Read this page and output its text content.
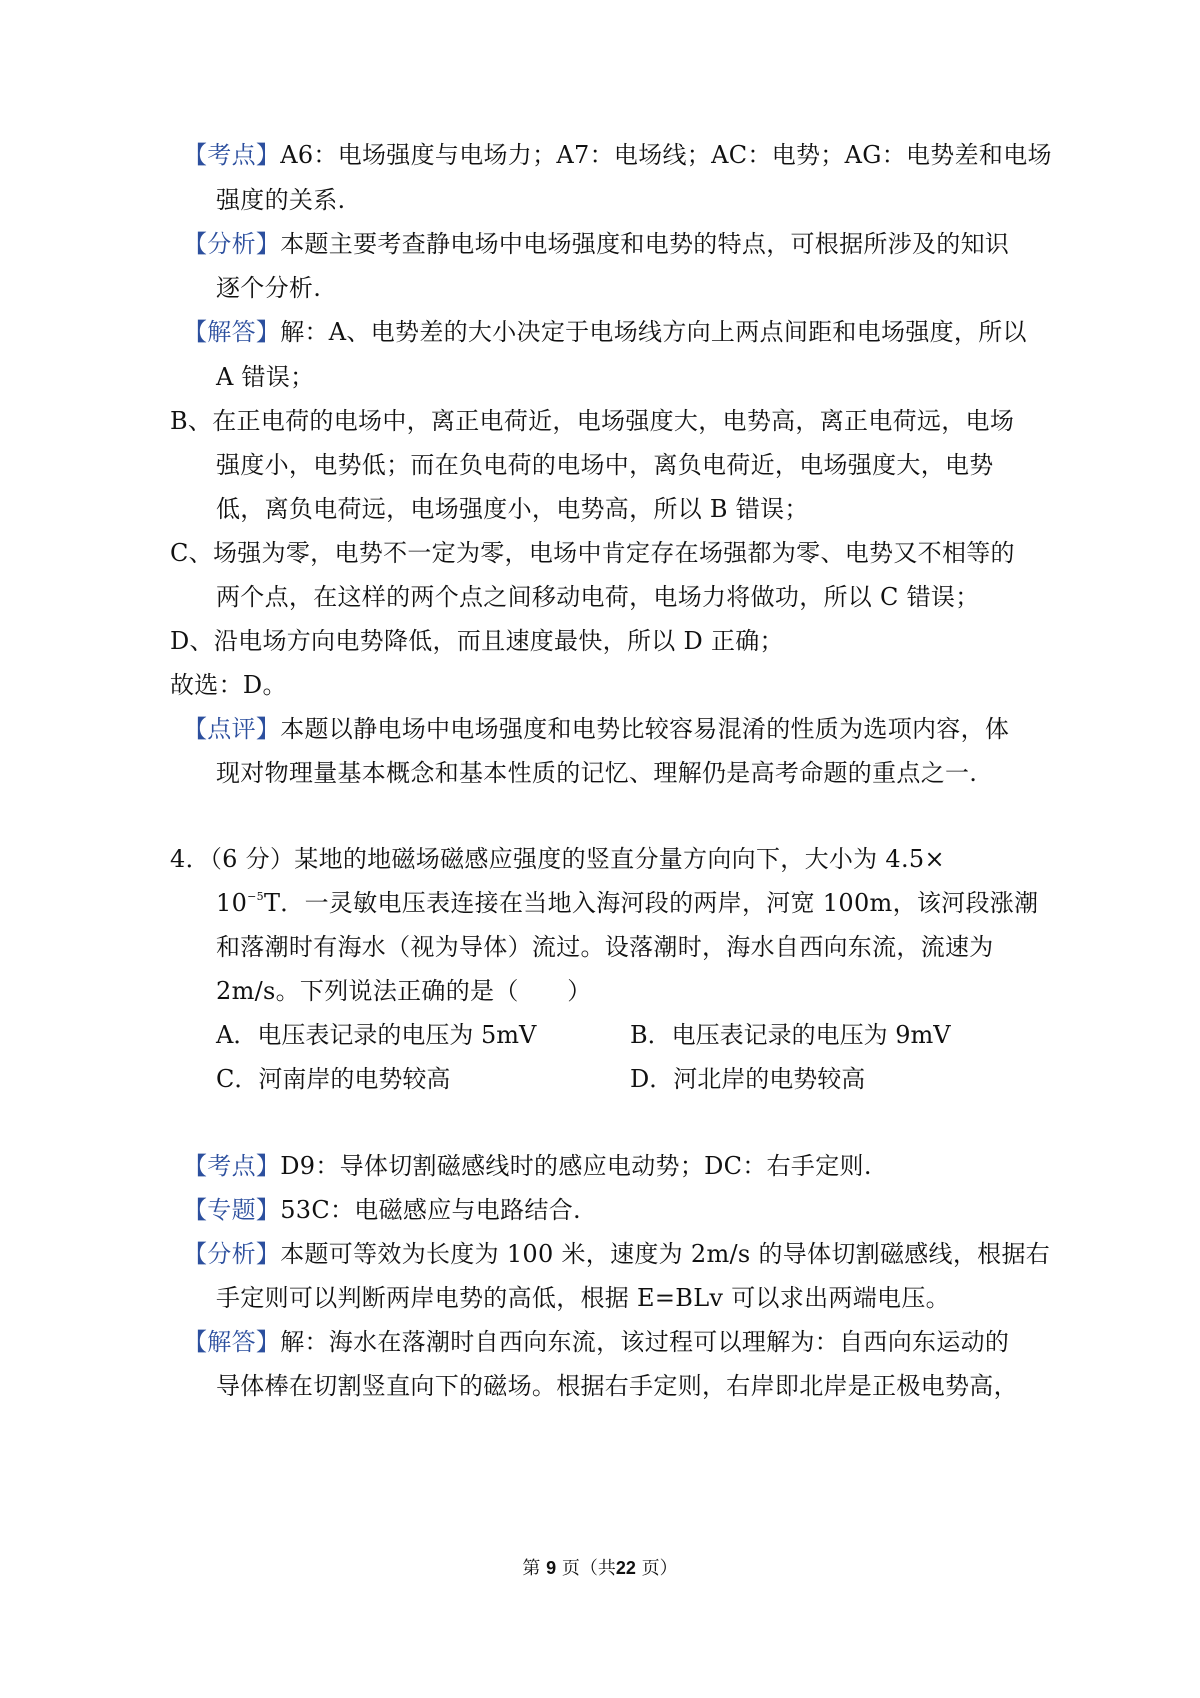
【考点】A6：电场强度与电场力；A7：电场线；AC：电势；AG：电势差和电场
强度的关系.
【分析】本题主要考查静电场中电场强度和电势的特点，可根据所涉及的知识
逐个分析.
【解答】解：A、电势差的大小决定于电场线方向上两点间距和电场强度，所以
A 错误；
B、在正电荷的电场中，离正电荷近，电场强度大，电势高，离正电荷远，电场
强度小，电势低；而在负电荷的电场中，离负电荷近，电场强度大，电势
低，离负电荷远，电场强度小，电势高，所以 B 错误；
C、场强为零，电势不一定为零，电场中肯定存在场强都为零、电势又不相等的
两个点，在这样的两个点之间移动电荷，电场力将做功，所以 C 错误；
D、沿电场方向电势降低，而且速度最快，所以 D 正确；
故选：D。
【点评】本题以静电场中电场强度和电势比较容易混淆的性质为选项内容，体
现对物理量基本概念和基本性质的记忆、理解仍是高考命题的重点之一.
4．（6 分）某地的地磁场磁感应强度的竖直分量方向向下，大小为 4.5×
$10^{-5}T$．一灵敏电压表连接在当地入海河段的两岸，河宽 100m，该河段涨潮
和落潮时有海水（视为导体）流过。设落潮时，海水自西向东流，流速为
2m/s。下列说法正确的是（　　）
A．电压表记录的电压为 5mV	B．电压表记录的电压为 9mV
C．河南岸的电势较高	D．河北岸的电势较高
【考点】D9：导体切割磁感线时的感应电动势；DC：右手定则.
【专题】53C：电磁感应与电路结合.
【分析】本题可等效为长度为 100 米，速度为 2m/s 的导体切割磁感线，根据右
手定则可以判断两岸电势的高低，根据 E=BLv 可以求出两端电压。
【解答】解：海水在落潮时自西向东流，该过程可以理解为：自西向东运动的
导体棒在切割竖直向下的磁场。根据右手定则，右岸即北岸是正极电势高，
第 9 页（共22 页）
